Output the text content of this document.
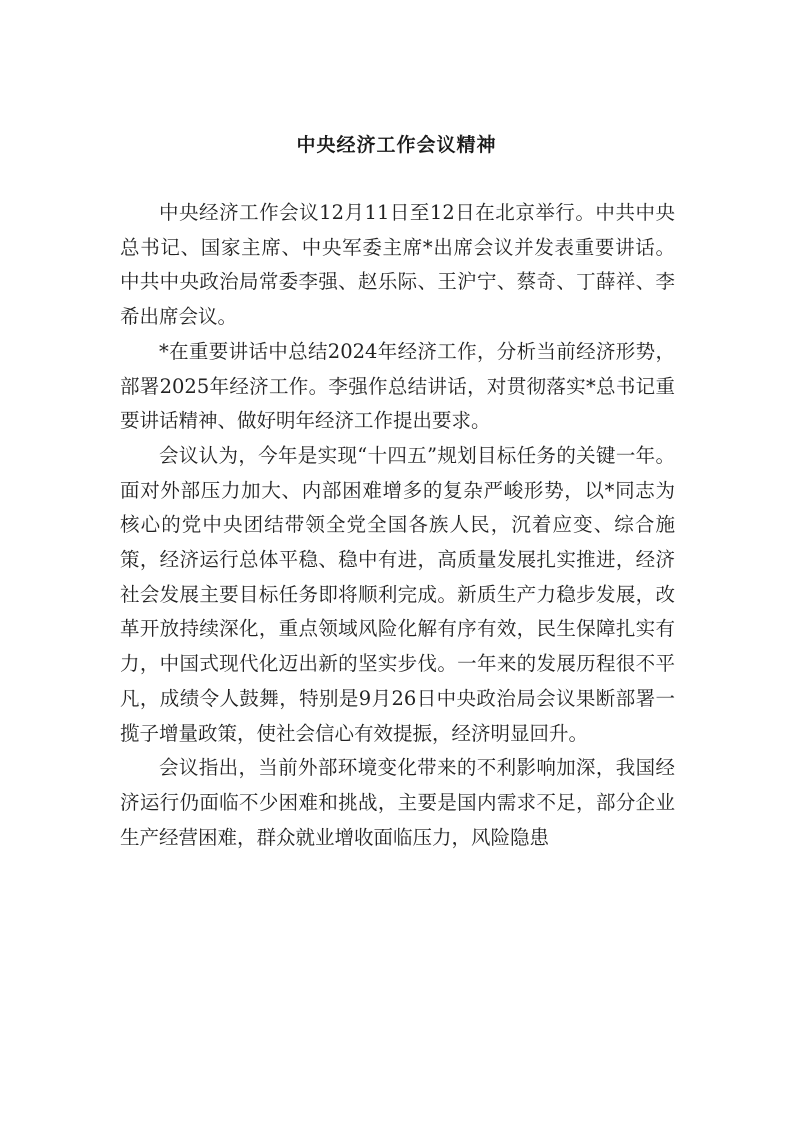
中央经济工作会议精神

中央经济工作会议12月11日至12日在北京举行。中共中央总书记、国家主席、中央军委主席*出席会议并发表重要讲话。中共中央政治局常委李强、赵乐际、王沪宁、蔡奇、丁薛祥、李希出席会议。

*在重要讲话中总结2024年经济工作，分析当前经济形势，部署2025年经济工作。李强作总结讲话，对贯彻落实*总书记重要讲话精神、做好明年经济工作提出要求。

会议认为，今年是实现“十四五”规划目标任务的关键一年。面对外部压力加大、内部困难增多的复杂严峻形势，以*同志为核心的党中央团结带领全党全国各族人民，沉着应变、综合施策，经济运行总体平稳、稳中有进，高质量发展扎实推进，经济社会发展主要目标任务即将顺利完成。新质生产力稳步发展，改革开放持续深化，重点领域风险化解有序有效，民生保障扎实有力，中国式现代化迈出新的坚实步伐。一年来的发展历程很不平凡，成绩令人鼓舞，特别是9月26日中央政治局会议果断部署一揽子增量政策，使社会信心有效提振，经济明显回升。

会议指出，当前外部环境变化带来的不利影响加深，我国经济运行仍面临不少困难和挑战，主要是国内需求不足，部分企业生产经营困难，群众就业增收面临压力，风险隐患
